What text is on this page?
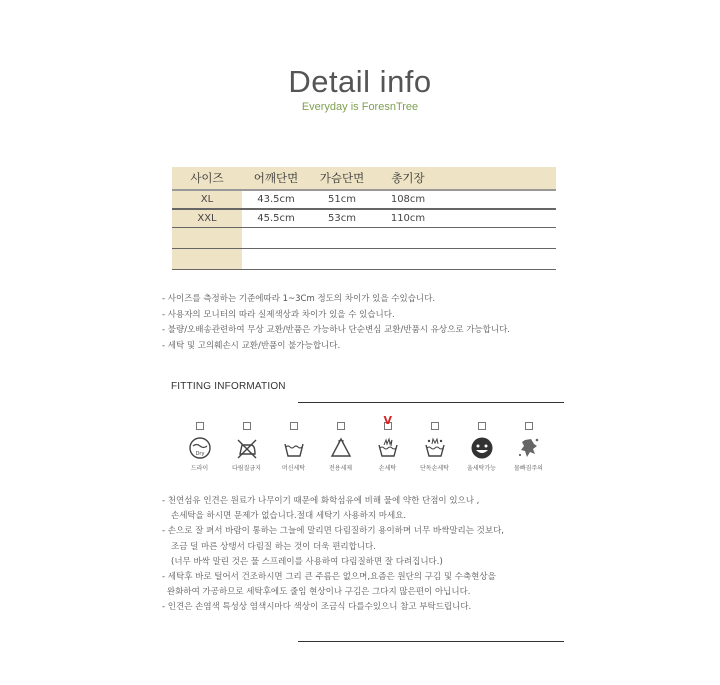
Detail info
Everyday is ForesnTree
사이즈	어깨단면	가슴단면	총기장
XL	43.5cm	51cm	108cm
XXL	45.5cm	53cm	110cm
- 사이즈를 측정하는 기준에따라 1~3Cm 정도의 차이가 있을 수있습니다.
- 사용자의 모니터의 따라 실제색상과 차이가 있을 수 있습니다.
- 불량/오배송관련하여 무상 교환/반품은 가능하나 단순변심 교환/반품시 유상으로 가능합니다.
- 세탁 및 고의훼손시 교환/반품이 불가능합니다.
FITTING INFORMATION
Dry
드라이	다림질금지	머신세탁	전용세제
V
손세탁	단독손세탁	울세탁가능	물빠짐주의
- 천연섬유 인견은 원료가 나무이기 때문에 화학섬유에 비해 물에 약한 단점이 있으나 ,
손세탁을 하시면 문제가 없습니다.절대 세탁기 사용하지 마세요.
- 손으로 잘 펴서 바람이 통하는 그늘에 말리면 다림질하기 용이하며 너무 바싹말리는 것보다,
조금 덜 마른 상탱서 다림질 하는 것이 더욱 편리합니다.
(너무 바싹 말린 것은 물 스프레이를 사용하여 다림질하면 잘 다려집니다.)
- 세탁후 바로 털어서 건조하시면 그리 큰 주름은 없으며,요즘은 원단의 구김 및 수축현상을
완화하여 가공하므로 세탁후에도 줄임 현상이나 구김은 그다지 많은편이 아닙니다.
- 인견은 손염색 특성상 염색시마다 색상이 조금식 다를수있으니 참고 부탁드립니다.
